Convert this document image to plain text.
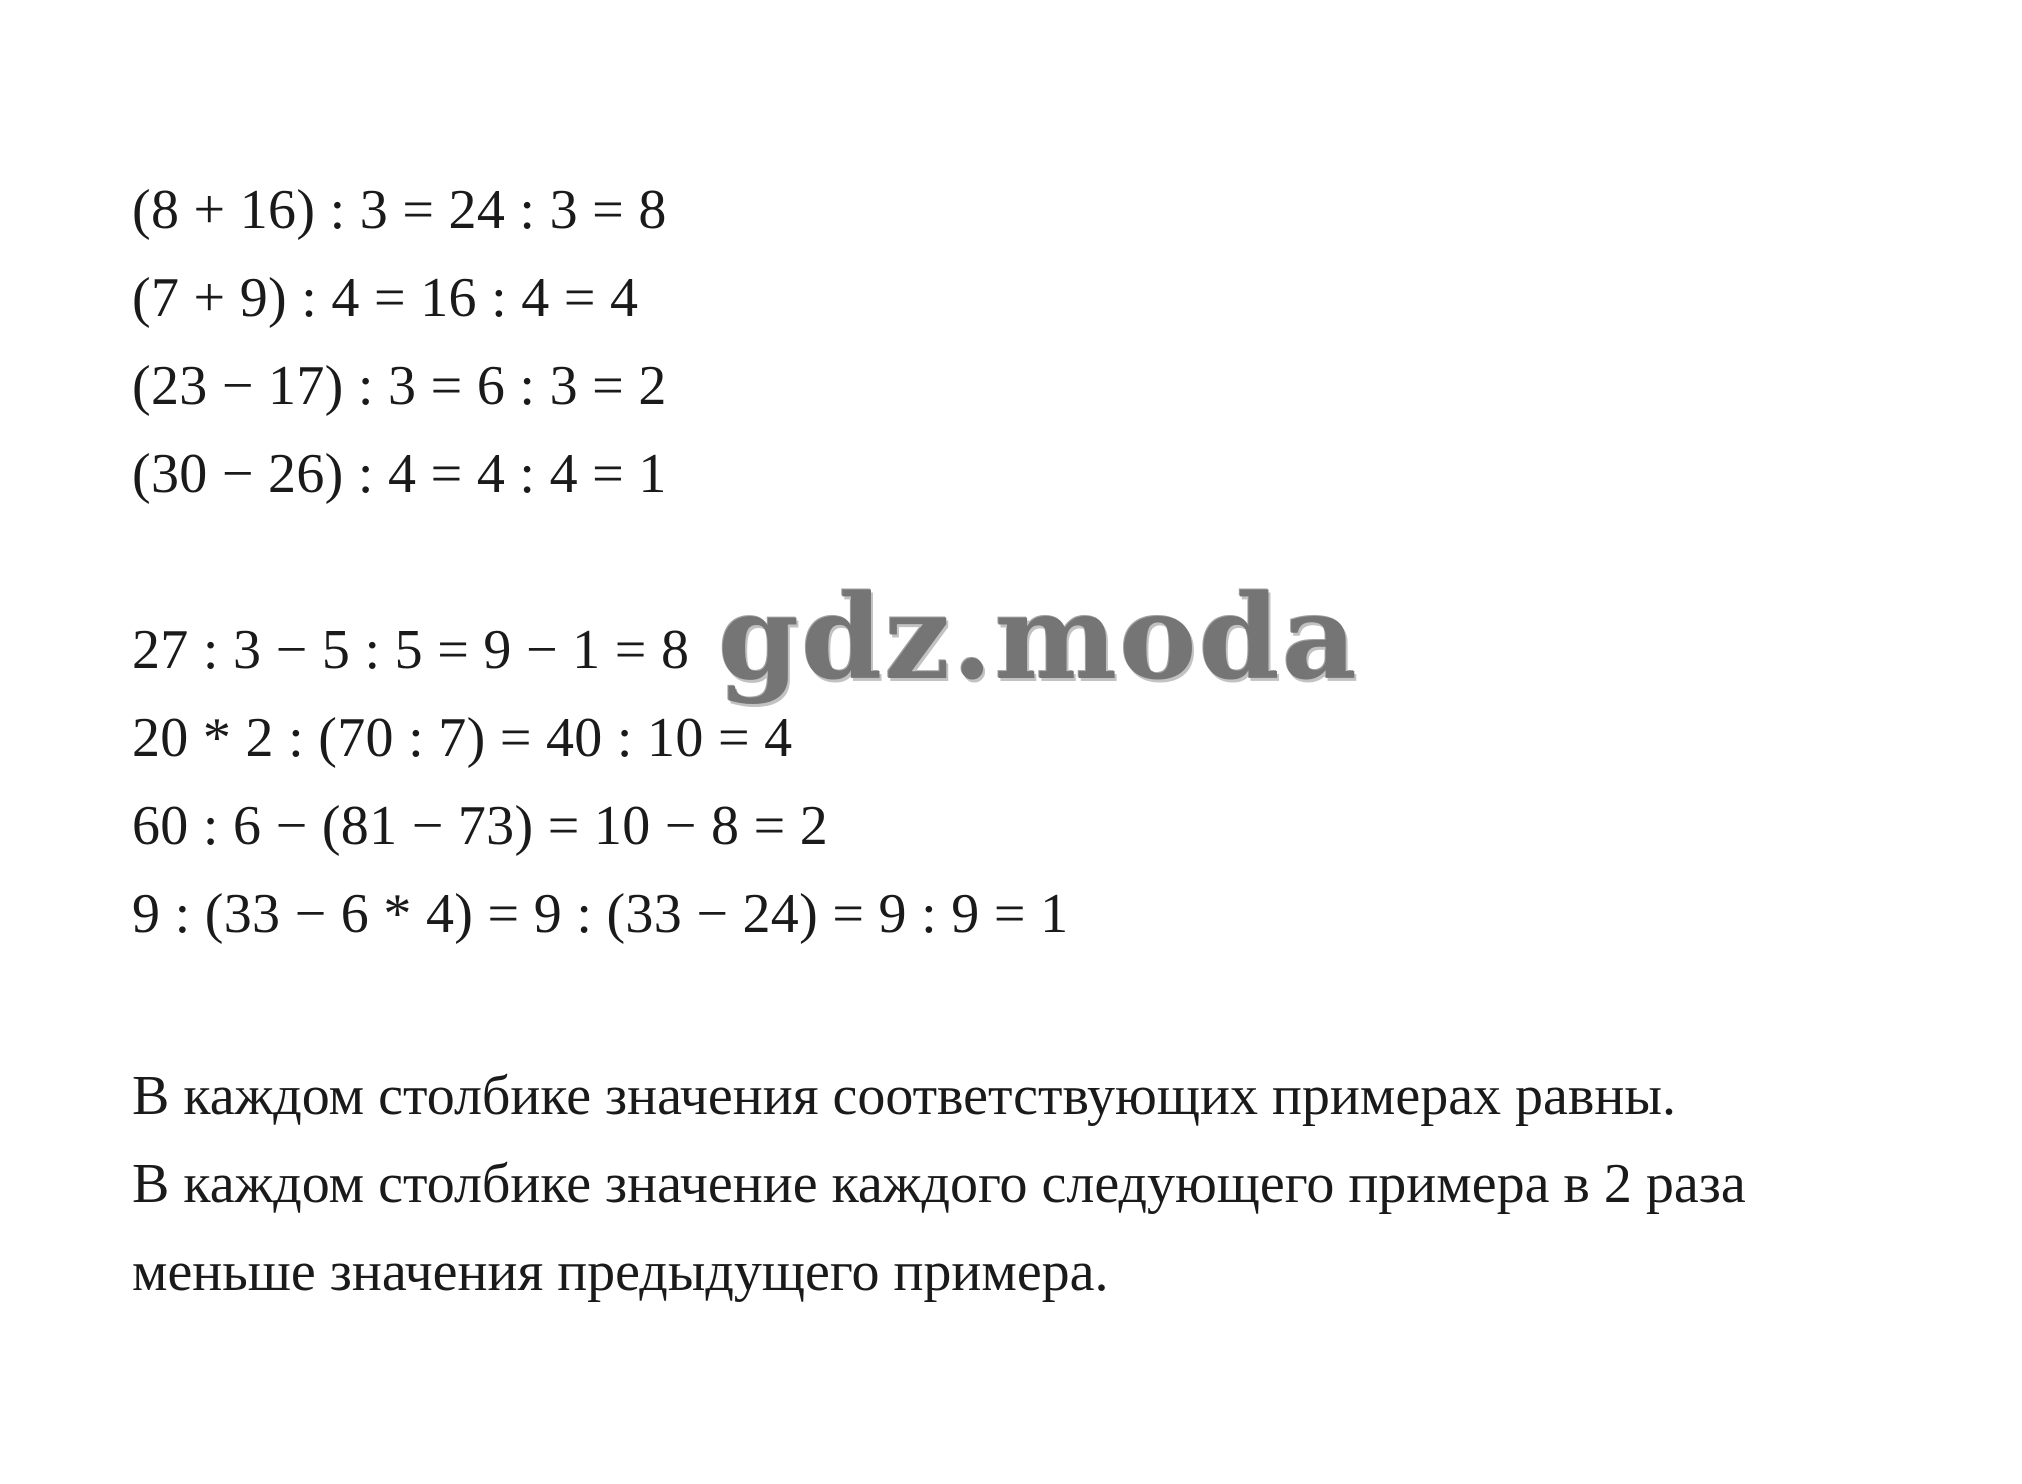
(8 + 16) : 3 = 24 : 3 = 8
(7 + 9) : 4 = 16 : 4 = 4
(23 − 17) : 3 = 6 : 3 = 2
(30 − 26) : 4 = 4 : 4 = 1
27 : 3 − 5 : 5 = 9 − 1 = 8
20 * 2 : (70 : 7) = 40 : 10 = 4
60 : 6 − (81 − 73) = 10 − 8 = 2
9 : (33 − 6 * 4) = 9 : (33 − 24) = 9 : 9 = 1
В каждом столбике значения соответствующих примерах равны.
В каждом столбике значение каждого следующего примера в 2 раза
меньше значения предыдущего примера.
gdz.moda
